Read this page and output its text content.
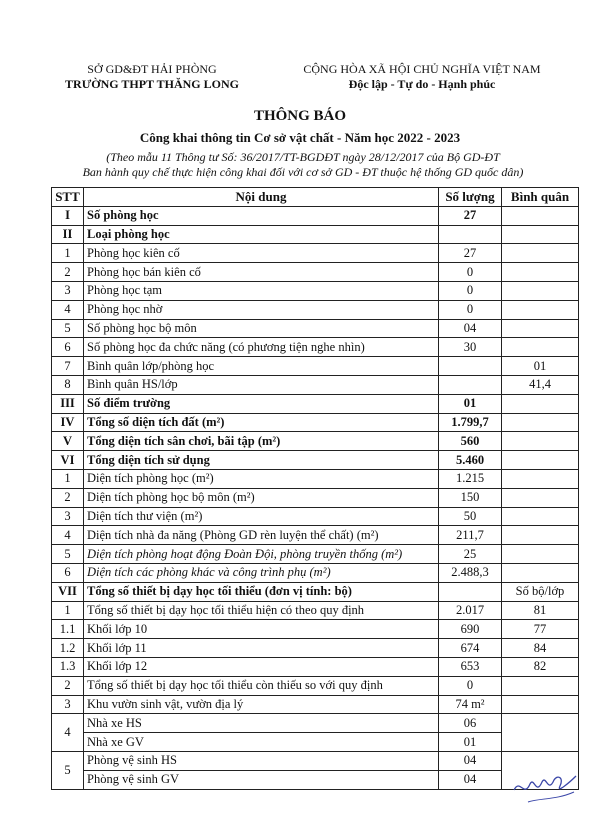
SỞ GD&ĐT HẢI PHÒNG
TRƯỜNG THPT THĂNG LONG
CỘNG HÒA XÃ HỘI CHỦ NGHĨA VIỆT NAM
Độc lập - Tự do - Hạnh phúc
THÔNG BÁO
Công khai thông tin Cơ sở vật chất - Năm học 2022 - 2023
(Theo mẫu 11 Thông tư Số: 36/2017/TT-BGDĐT ngày 28/12/2017 của Bộ GD-ĐT
Ban hành quy chế thực hiện công khai đối với cơ sở GD - ĐT thuộc hệ thống GD quốc dân)
STT	Nội dung	Số lượng	Bình quân
I	Số phòng học	27	
II	Loại phòng học		
1	Phòng học kiên cố	27	
2	Phòng học bán kiên cố	0	
3	Phòng học tạm	0	
4	Phòng học nhờ	0	
5	Số phòng học bộ môn	04	
6	Số phòng học đa chức năng (có phương tiện nghe nhìn)	30	
7	Bình quân lớp/phòng học		01
8	Bình quân HS/lớp		41,4
III	Số điểm trường	01	
IV	Tổng số diện tích đất (m²)	1.799,7	
V	Tổng diện tích sân chơi, bãi tập (m²)	560	
VI	Tổng diện tích sử dụng	5.460	
1	Diện tích phòng học (m²)	1.215	
2	Diện tích phòng học bộ môn (m²)	150	
3	Diện tích thư viện (m²)	50	
4	Diện tích nhà đa năng (Phòng GD rèn luyện thể chất) (m²)	211,7	
5	Diện tích phòng hoạt động Đoàn Đội, phòng truyền thống (m²)	25	
6	Diện tích các phòng khác và công trình phụ (m²)	2.488,3	
VII	Tổng số thiết bị dạy học tối thiểu (đơn vị tính: bộ)		Số bộ/lớp
1	Tổng số thiết bị dạy học tối thiểu hiện có theo quy định	2.017	81
1.1	Khối lớp 10	690	77
1.2	Khối lớp 11	674	84
1.3	Khối lớp 12	653	82
2	Tổng số thiết bị dạy học tối thiểu còn thiếu so với quy định	0	
3	Khu vườn sinh vật, vườn địa lý	74 m²	
4	Nhà xe HS	06	
	Nhà xe GV	01	
5	Phòng vệ sinh HS	04	
	Phòng vệ sinh GV	04	
